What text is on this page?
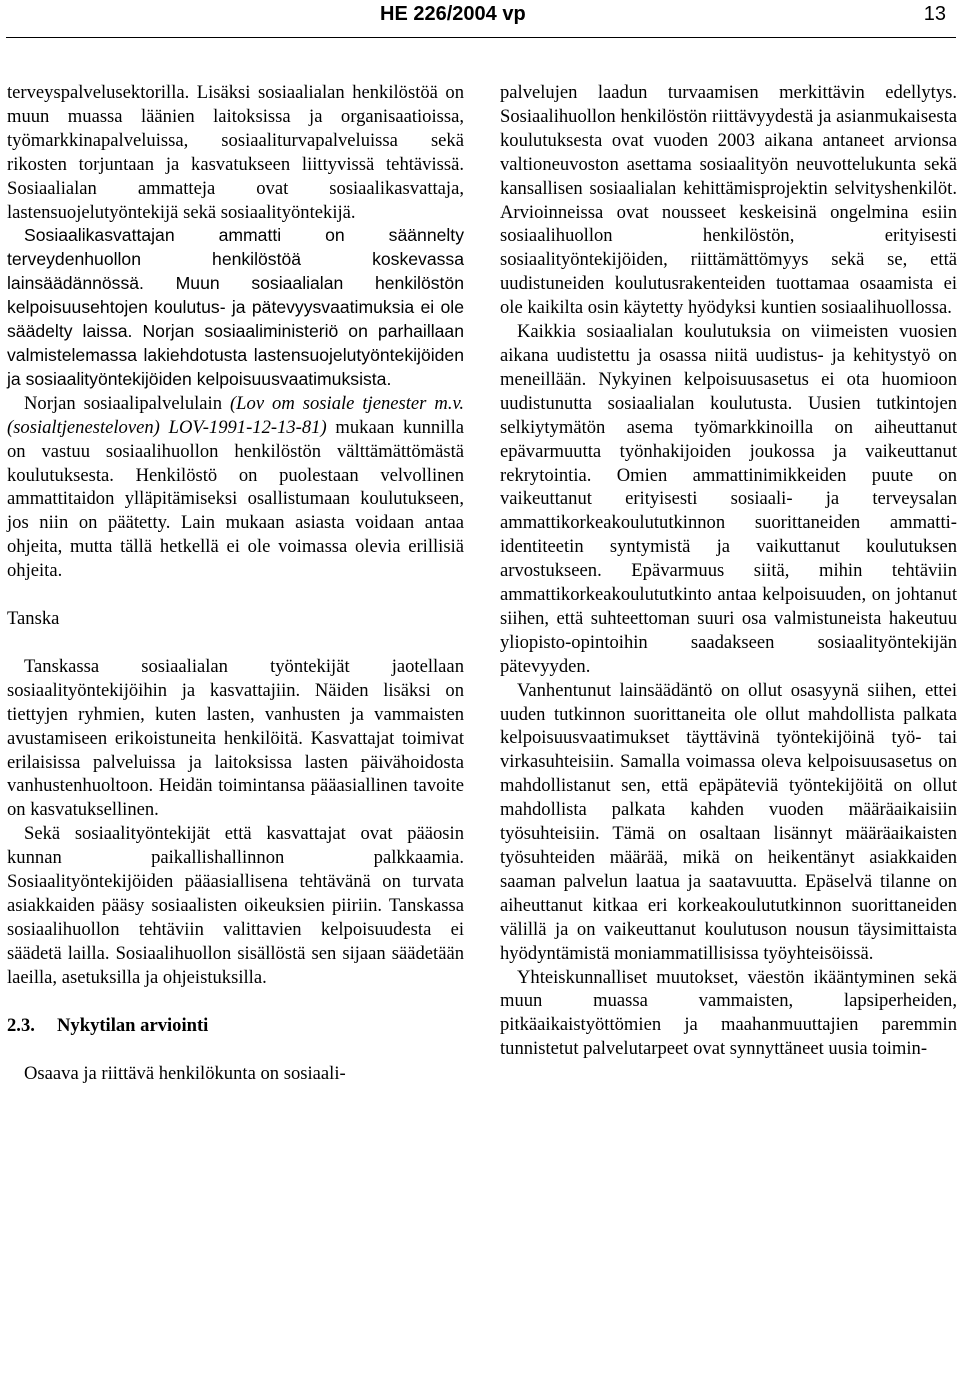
HE 226/2004 vp	13

terveyspalvelusektorilla. Lisäksi sosiaalialan henkilöstöä on muun muassa läänien laitoksissa ja organisaatioissa, työmarkkinapalveluissa, sosiaaliturvapalveluissa sekä rikosten torjuntaan ja kasvatukseen liittyvissä tehtävissä. Sosiaalialan ammatteja ovat sosiaalikasvattaja, lastensuojelutyöntekijä sekä sosiaalityöntekijä.

Sosiaalikasvattajan ammatti on säännelty terveydenhuollon henkilöstöä koskevassa lainsäädännössä. Muun sosiaalialan henkilöstön kelpoisuusehtojen koulutus- ja pätevyysvaatimuksia ei ole säädelty laissa. Norjan sosiaaliministeriö on parhaillaan valmistelemassa lakiehdotusta lastensuojelutyöntekijöiden ja sosiaalityöntekijöiden kelpoisuusvaatimuksista.

Norjan sosiaalipalvelulain (Lov om sosiale tjenester m.v. (sosialtjenesteloven) LOV-1991-12-13-81) mukaan kunnilla on vastuu sosiaalihuollon henkilöstön välttämättömästä koulutuksesta. Henkilöstö on puolestaan velvollinen ammattitaidon ylläpitämiseksi osallistumaan koulutukseen, jos niin on päätetty. Lain mukaan asiasta voidaan antaa ohjeita, mutta tällä hetkellä ei ole voimassa olevia erillisiä ohjeita.

Tanska

Tanskassa sosiaalialan työntekijät jaotellaan sosiaalityöntekijöihin ja kasvattajiin. Näiden lisäksi on tiettyjen ryhmien, kuten lasten, vanhusten ja vammaisten avustamiseen erikoistuneita henkilöitä. Kasvattajat toimivat erilaisissa palveluissa ja laitoksissa lasten päivähoidosta vanhustenhuoltoon. Heidän toimintansa pääasiallinen tavoite on kasvatuksellinen.

Sekä sosiaalityöntekijät että kasvattajat ovat pääosin kunnan paikallishallinnon palkkaamia. Sosiaalityöntekijöiden pääasiallisena tehtävänä on turvata asiakkaiden pääsy sosiaalisten oikeuksien piiriin. Tanskassa sosiaalihuollon tehtäviin valittavien kelpoisuudesta ei säädetä lailla. Sosiaalihuollon sisällöstä sen sijaan säädetään laeilla, asetuksilla ja ohjeistuksilla.

2.3. Nykytilan arviointi

Osaava ja riittävä henkilökunta on sosiaali-

palvelujen laadun turvaamisen merkittävin edellytys. Sosiaalihuollon henkilöstön riittävyydestä ja asianmukaisesta koulutuksesta ovat vuoden 2003 aikana antaneet arvionsa valtioneuvoston asettama sosiaalityön neuvottelukunta sekä kansallisen sosiaalialan kehittämisprojektin selvityshenkilöt. Arvioinneissa ovat nousseet keskeisinä ongelmina esiin sosiaalihuollon henkilöstön, erityisesti sosiaalityöntekijöiden, riittämättömyys sekä se, että uudistuneiden koulutusrakenteiden tuottamaa osaamista ei ole kaikilta osin käytetty hyödyksi kuntien sosiaalihuollossa.

Kaikkia sosiaalialan koulutuksia on viimeisten vuosien aikana uudistettu ja osassa niitä uudistus- ja kehitystyö on meneillään. Nykyinen kelpoisuusasetus ei ota huomioon uudistunutta sosiaalialan koulutusta. Uusien tutkintojen selkiytymätön asema työmarkkinoilla on aiheuttanut epävarmuutta työnhakijoiden joukossa ja vaikeuttanut rekrytointia. Omien ammattinimikkeiden puute on vaikeuttanut erityisesti sosiaali- ja terveysalan ammattikorkeakoulututkinnon suorittaneiden ammatti-identiteetin syntymistä ja vaikuttanut koulutuksen arvostukseen. Epävarmuus siitä, mihin tehtäviin ammattikorkeakoulututkinto antaa kelpoisuuden, on johtanut siihen, että suhteettoman suuri osa valmistuneista hakeutuu yliopisto-opintoihin saadakseen sosiaalityöntekijän pätevyyden.

Vanhentunut lainsäädäntö on ollut osasyynä siihen, ettei uuden tutkinnon suorittaneita ole ollut mahdollista palkata kelpoisuusvaatimukset täyttävinä työntekijöinä työ- tai virkasuhteisiin. Samalla voimassa oleva kelpoisuusasetus on mahdollistanut sen, että epäpäteviä työntekijöitä on ollut mahdollista palkata kahden vuoden määräaikaisiin työsuhteisiin. Tämä on osaltaan lisännyt määräaikaisten työsuhteiden määrää, mikä on heikentänyt asiakkaiden saaman palvelun laatua ja saatavuutta. Epäselvä tilanne on aiheuttanut kitkaa eri korkeakoulututkinnon suorittaneiden välillä ja on vaikeuttanut koulutuson nousun täysimittaista hyödyntämistä moniammatillisissa työyhteisöissä.

Yhteiskunnalliset muutokset, väestön ikääntyminen sekä muun muassa vammaisten, lapsiperheiden, pitkäaikaistyöttömien ja maahanmuuttajien paremmin tunnistetut palvelutarpeet ovat synnyttäneet uusia toimin-
